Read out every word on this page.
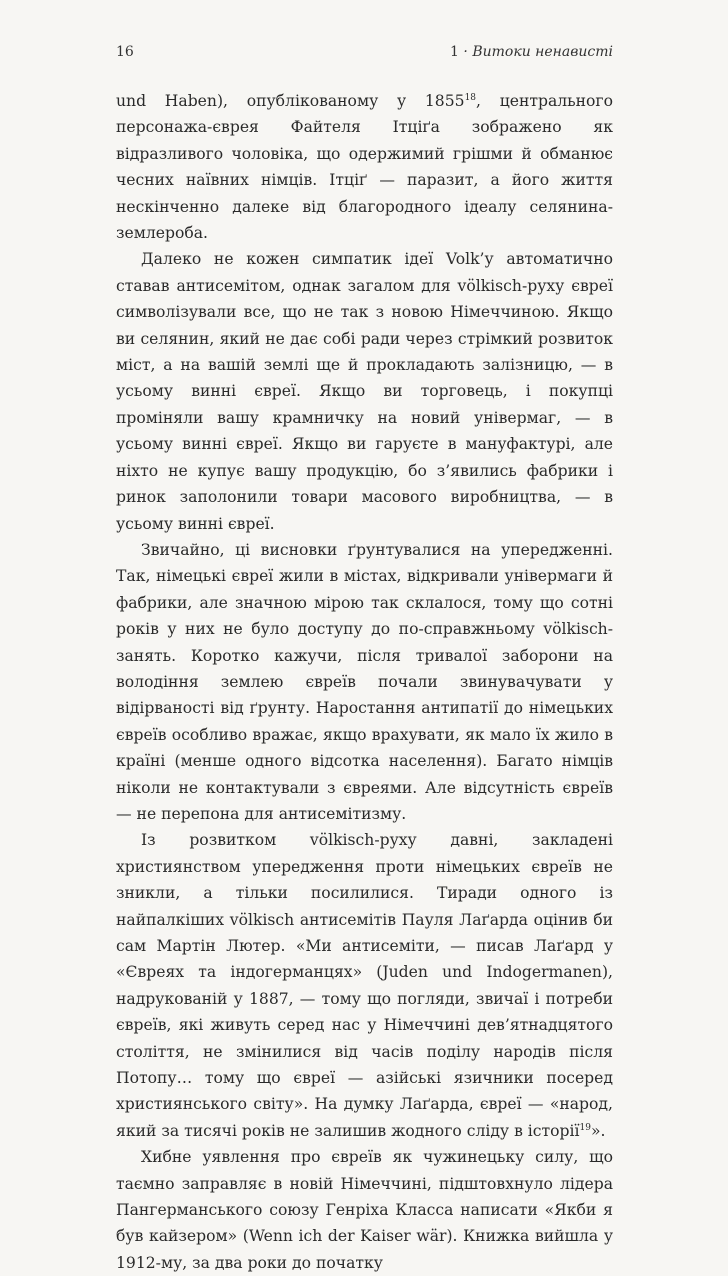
16	1 · Витоки ненависті

und Haben), опублікованому у 1855$^{18}$, центрального персонажа-єврея Файтеля Ітціґа зображено як відразливого чоловіка, що одержимий грішми й обманює чесних наївних німців. Ітціґ — паразит, а його життя нескінченно далеке від благородного ідеалу селянина-землероба.

Далеко не кожен симпатик ідеї Volk’у автоматично ставав антисемітом, однак загалом для völkisch-руху євреї символізували все, що не так з новою Німеччиною. Якщо ви селянин, який не дає собі ради через стрімкий розвиток міст, а на вашій землі ще й прокладають залізницю, — в усьому винні євреї. Якщо ви торговець, і покупці проміняли вашу крамничку на новий універмаг, — в усьому винні євреї. Якщо ви гаруєте в мануфактурі, але ніхто не купує вашу продукцію, бо з’явились фабрики і ринок заполонили товари масового виробництва, — в усьому винні євреї.

Звичайно, ці висновки ґрунтувалися на упередженні. Так, німецькі євреї жили в містах, відкривали універмаги й фабрики, але значною мірою так склалося, тому що сотні років у них не було доступу до по-справжньому völkisch-занять. Коротко кажучи, після тривалої заборони на володіння землею євреїв почали звинувачувати у відірваності від ґрунту. Наростання антипатії до німецьких євреїв особливо вражає, якщо врахувати, як мало їх жило в країні (менше одного відсотка населення). Багато німців ніколи не контактували з євреями. Але відсутність євреїв — не перепона для антисемітизму.

Із розвитком völkisch-руху давні, закладені християнством упередження проти німецьких євреїв не зникли, а тільки посилилися. Тиради одного із найпалкіших völkisch антисемітів Пауля Лаґарда оцінив би сам Мартін Лютер. «Ми антисеміти, — писав Лаґард у «Євреях та індогерманцях» (Juden und Indogermanen), надрукованій у 1887, — тому що погляди, звичаї і потреби євреїв, які живуть серед нас у Німеччині дев’ятнадцятого століття, не змінилися від часів поділу народів після Потопу… тому що євреї — азійські язичники посеред християнського світу». На думку Лаґарда, євреї — «народ, який за тисячі років не залишив жодного сліду в історії$^{19}$».

Хибне уявлення про євреїв як чужинецьку силу, що таємно заправляє в новій Німеччині, підштовхнуло лідера Пангерманського союзу Генріха Класса написати «Якби я був кайзером» (Wenn ich der Kaiser wär). Книжка вийшла у 1912-му, за два роки до початку
